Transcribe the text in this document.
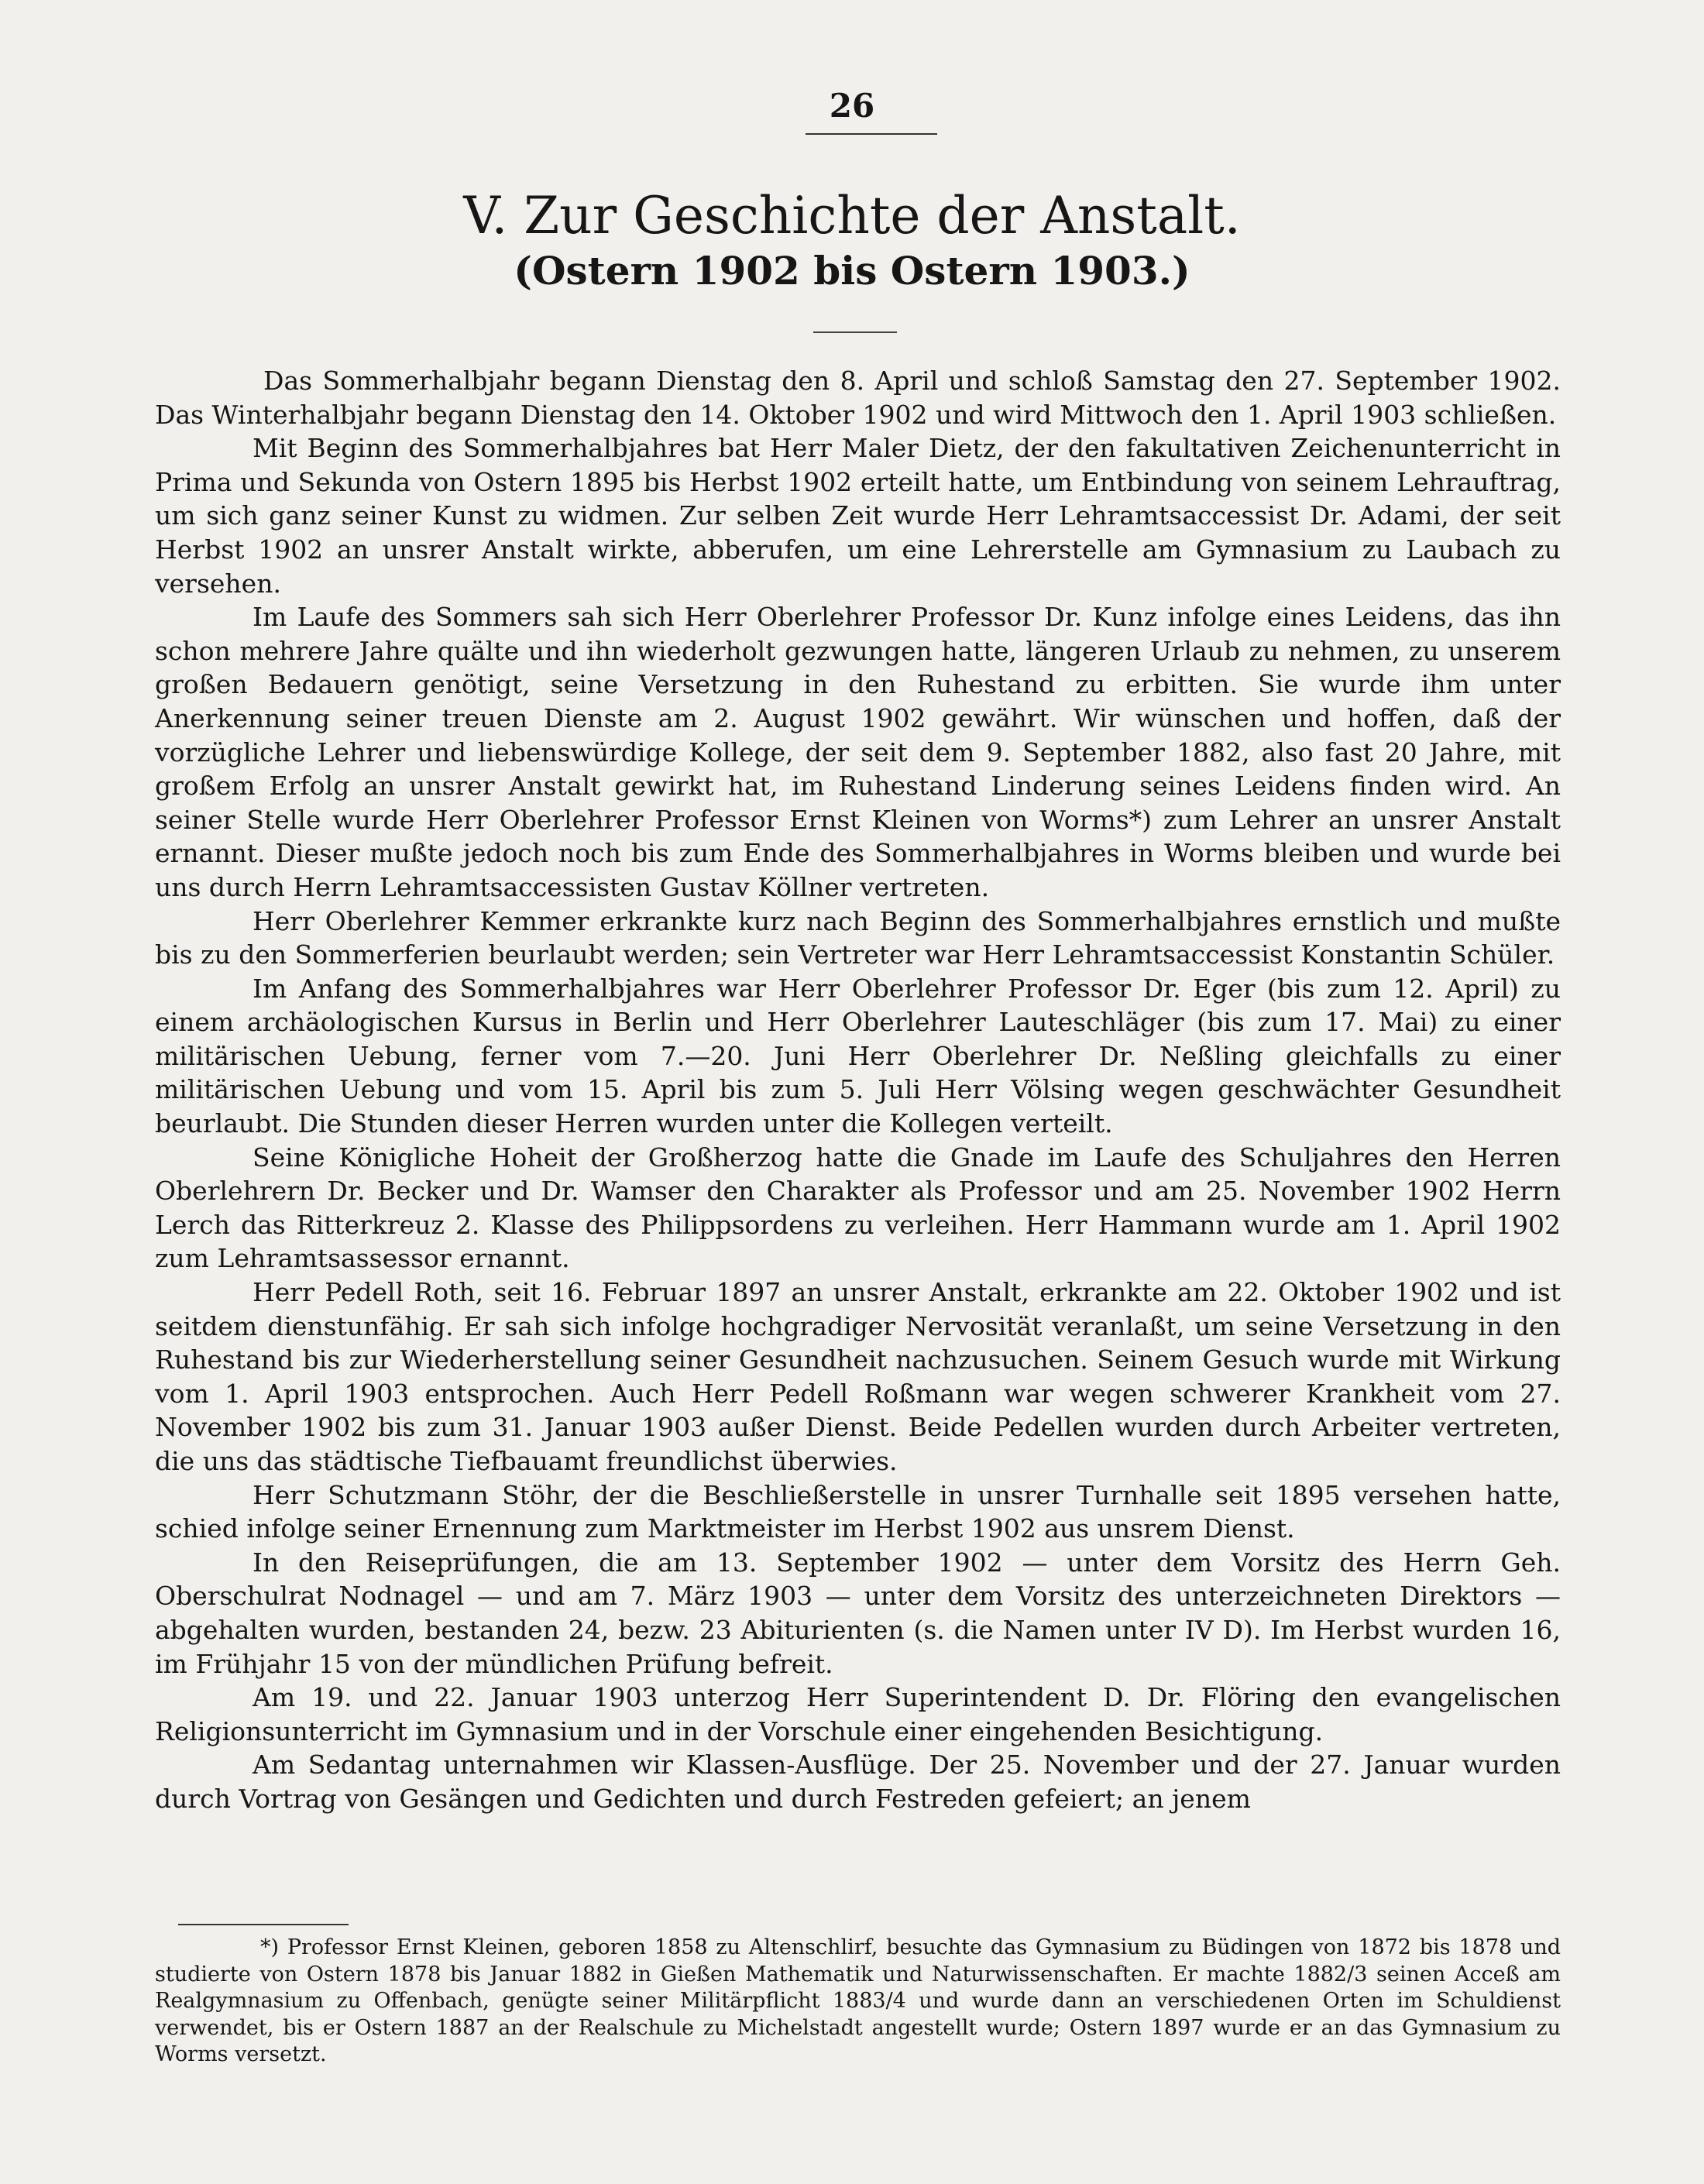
26
V. Zur Geschichte der Anstalt.
(Ostern 1902 bis Ostern 1903.)

Das Sommerhalbjahr begann Dienstag den 8. April und schloß Samstag den 27. September 1902. Das Winterhalbjahr begann Dienstag den 14. Oktober 1902 und wird Mittwoch den 1. April 1903 schließen.

Mit Beginn des Sommerhalbjahres bat Herr Maler Dietz, der den fakultativen Zeichenunterricht in Prima und Sekunda von Ostern 1895 bis Herbst 1902 erteilt hatte, um Entbindung von seinem Lehrauftrag, um sich ganz seiner Kunst zu widmen. Zur selben Zeit wurde Herr Lehramtsaccessist Dr. Adami, der seit Herbst 1902 an unsrer Anstalt wirkte, abberufen, um eine Lehrerstelle am Gymnasium zu Laubach zu versehen.

Im Laufe des Sommers sah sich Herr Oberlehrer Professor Dr. Kunz infolge eines Leidens, das ihn schon mehrere Jahre quälte und ihn wiederholt gezwungen hatte, längeren Urlaub zu nehmen, zu unserem großen Bedauern genötigt, seine Versetzung in den Ruhestand zu erbitten. Sie wurde ihm unter Anerkennung seiner treuen Dienste am 2. August 1902 gewährt. Wir wünschen und hoffen, daß der vorzügliche Lehrer und liebenswürdige Kollege, der seit dem 9. September 1882, also fast 20 Jahre, mit großem Erfolg an unsrer Anstalt gewirkt hat, im Ruhestand Linderung seines Leidens finden wird. An seiner Stelle wurde Herr Oberlehrer Professor Ernst Kleinen von Worms*) zum Lehrer an unsrer Anstalt ernannt. Dieser mußte jedoch noch bis zum Ende des Sommerhalbjahres in Worms bleiben und wurde bei uns durch Herrn Lehramtsaccessisten Gustav Köllner vertreten.

Herr Oberlehrer Kemmer erkrankte kurz nach Beginn des Sommerhalbjahres ernstlich und mußte bis zu den Sommerferien beurlaubt werden; sein Vertreter war Herr Lehramtsaccessist Konstantin Schüler.

Im Anfang des Sommerhalbjahres war Herr Oberlehrer Professor Dr. Eger (bis zum 12. April) zu einem archäologischen Kursus in Berlin und Herr Oberlehrer Lauteschläger (bis zum 17. Mai) zu einer militärischen Uebung, ferner vom 7.—20. Juni Herr Oberlehrer Dr. Neßling gleichfalls zu einer militärischen Uebung und vom 15. April bis zum 5. Juli Herr Völsing wegen geschwächter Gesundheit beurlaubt. Die Stunden dieser Herren wurden unter die Kollegen verteilt.

Seine Königliche Hoheit der Großherzog hatte die Gnade im Laufe des Schuljahres den Herren Oberlehrern Dr. Becker und Dr. Wamser den Charakter als Professor und am 25. November 1902 Herrn Lerch das Ritterkreuz 2. Klasse des Philippsordens zu verleihen. Herr Hammann wurde am 1. April 1902 zum Lehramtsassessor ernannt.

Herr Pedell Roth, seit 16. Februar 1897 an unsrer Anstalt, erkrankte am 22. Oktober 1902 und ist seitdem dienstunfähig. Er sah sich infolge hochgradiger Nervosität veranlaßt, um seine Versetzung in den Ruhestand bis zur Wiederherstellung seiner Gesundheit nachzusuchen. Seinem Gesuch wurde mit Wirkung vom 1. April 1903 entsprochen. Auch Herr Pedell Roßmann war wegen schwerer Krankheit vom 27. November 1902 bis zum 31. Januar 1903 außer Dienst. Beide Pedellen wurden durch Arbeiter vertreten, die uns das städtische Tiefbauamt freundlichst überwies.

Herr Schutzmann Stöhr, der die Beschließerstelle in unsrer Turnhalle seit 1895 versehen hatte, schied infolge seiner Ernennung zum Marktmeister im Herbst 1902 aus unsrem Dienst.

In den Reiseprüfungen, die am 13. September 1902 — unter dem Vorsitz des Herrn Geh. Oberschulrat Nodnagel — und am 7. März 1903 — unter dem Vorsitz des unterzeichneten Direktors — abgehalten wurden, bestanden 24, bezw. 23 Abiturienten (s. die Namen unter IV D). Im Herbst wurden 16, im Frühjahr 15 von der mündlichen Prüfung befreit.

Am 19. und 22. Januar 1903 unterzog Herr Superintendent D. Dr. Flöring den evangelischen Religionsunterricht im Gymnasium und in der Vorschule einer eingehenden Besichtigung.

Am Sedantag unternahmen wir Klassen-Ausflüge. Der 25. November und der 27. Januar wurden durch Vortrag von Gesängen und Gedichten und durch Festreden gefeiert; an jenem

*) Professor Ernst Kleinen, geboren 1858 zu Altenschlirf, besuchte das Gymnasium zu Büdingen von 1872 bis 1878 und studierte von Ostern 1878 bis Januar 1882 in Gießen Mathematik und Naturwissenschaften. Er machte 1882/3 seinen Acceß am Realgymnasium zu Offenbach, genügte seiner Militärpflicht 1883/4 und wurde dann an verschiedenen Orten im Schuldienst verwendet, bis er Ostern 1887 an der Realschule zu Michelstadt angestellt wurde; Ostern 1897 wurde er an das Gymnasium zu Worms versetzt.
